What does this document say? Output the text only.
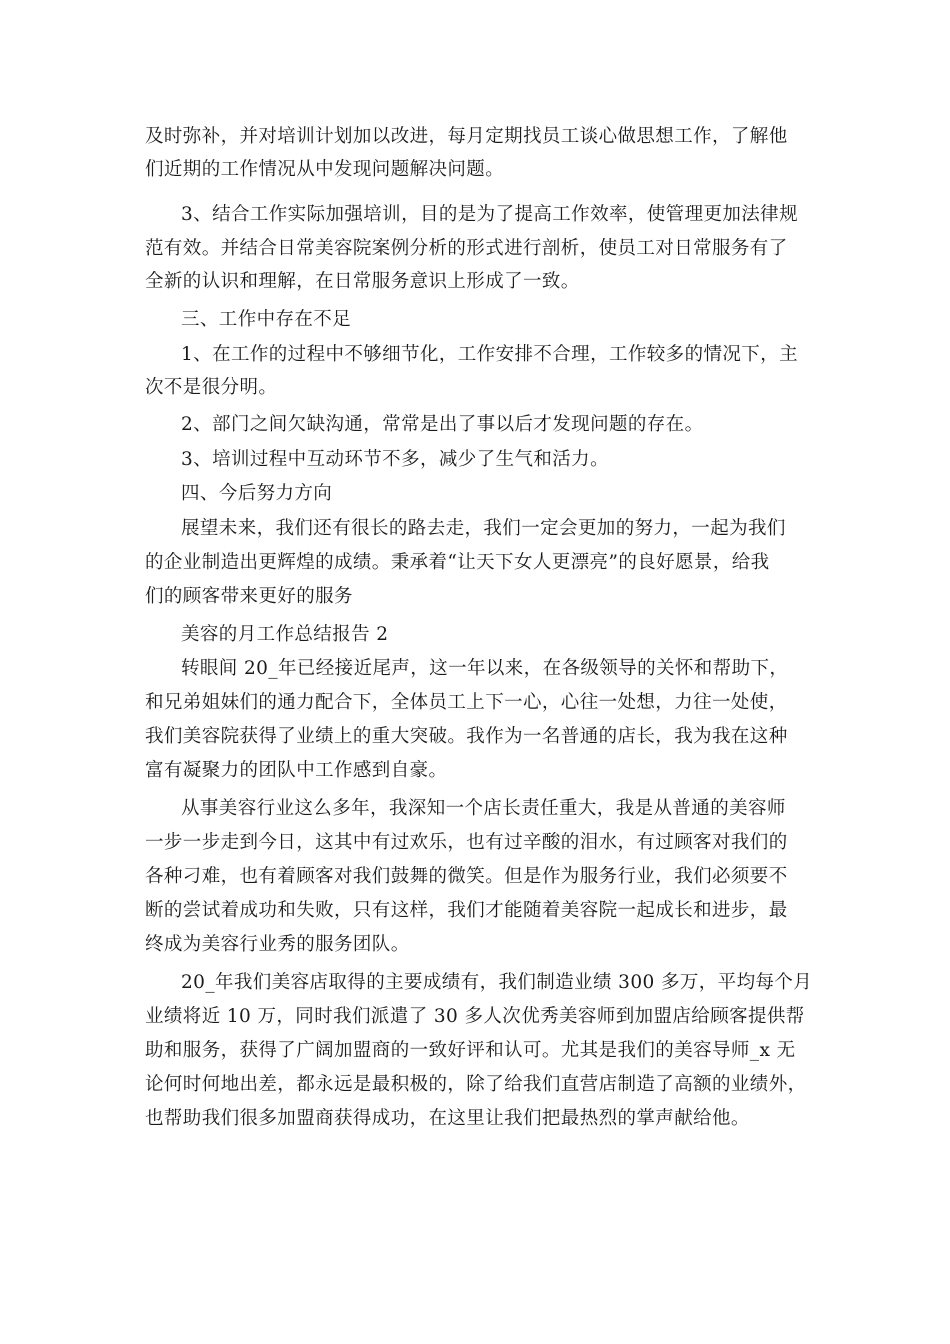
及时弥补，并对培训计划加以改进，每月定期找员工谈心做思想工作，了解他
们近期的工作情况从中发现问题解决问题。
3、结合工作实际加强培训，目的是为了提高工作效率，使管理更加法律规
范有效。并结合日常美容院案例分析的形式进行剖析，使员工对日常服务有了
全新的认识和理解，在日常服务意识上形成了一致。
三、工作中存在不足
1、在工作的过程中不够细节化，工作安排不合理，工作较多的情况下，主
次不是很分明。
2、部门之间欠缺沟通，常常是出了事以后才发现问题的存在。
3、培训过程中互动环节不多，减少了生气和活力。
四、今后努力方向
展望未来，我们还有很长的路去走，我们一定会更加的努力，一起为我们
的企业制造出更辉煌的成绩。秉承着“让天下女人更漂亮”的良好愿景，给我
们的顾客带来更好的服务
美容的月工作总结报告 2
转眼间 20_年已经接近尾声，这一年以来，在各级领导的关怀和帮助下，
和兄弟姐妹们的通力配合下，全体员工上下一心，心往一处想，力往一处使，
我们美容院获得了业绩上的重大突破。我作为一名普通的店长，我为我在这种
富有凝聚力的团队中工作感到自豪。
从事美容行业这么多年，我深知一个店长责任重大，我是从普通的美容师
一步一步走到今日，这其中有过欢乐，也有过辛酸的泪水，有过顾客对我们的
各种刁难，也有着顾客对我们鼓舞的微笑。但是作为服务行业，我们必须要不
断的尝试着成功和失败，只有这样，我们才能随着美容院一起成长和进步，最
终成为美容行业秀的服务团队。
20_年我们美容店取得的主要成绩有，我们制造业绩 300 多万，平均每个月
业绩将近 10 万，同时我们派遣了 30 多人次优秀美容师到加盟店给顾客提供帮
助和服务，获得了广阔加盟商的一致好评和认可。尤其是我们的美容导师_x 无
论何时何地出差，都永远是最积极的，除了给我们直营店制造了高额的业绩外，
也帮助我们很多加盟商获得成功，在这里让我们把最热烈的掌声献给他。
